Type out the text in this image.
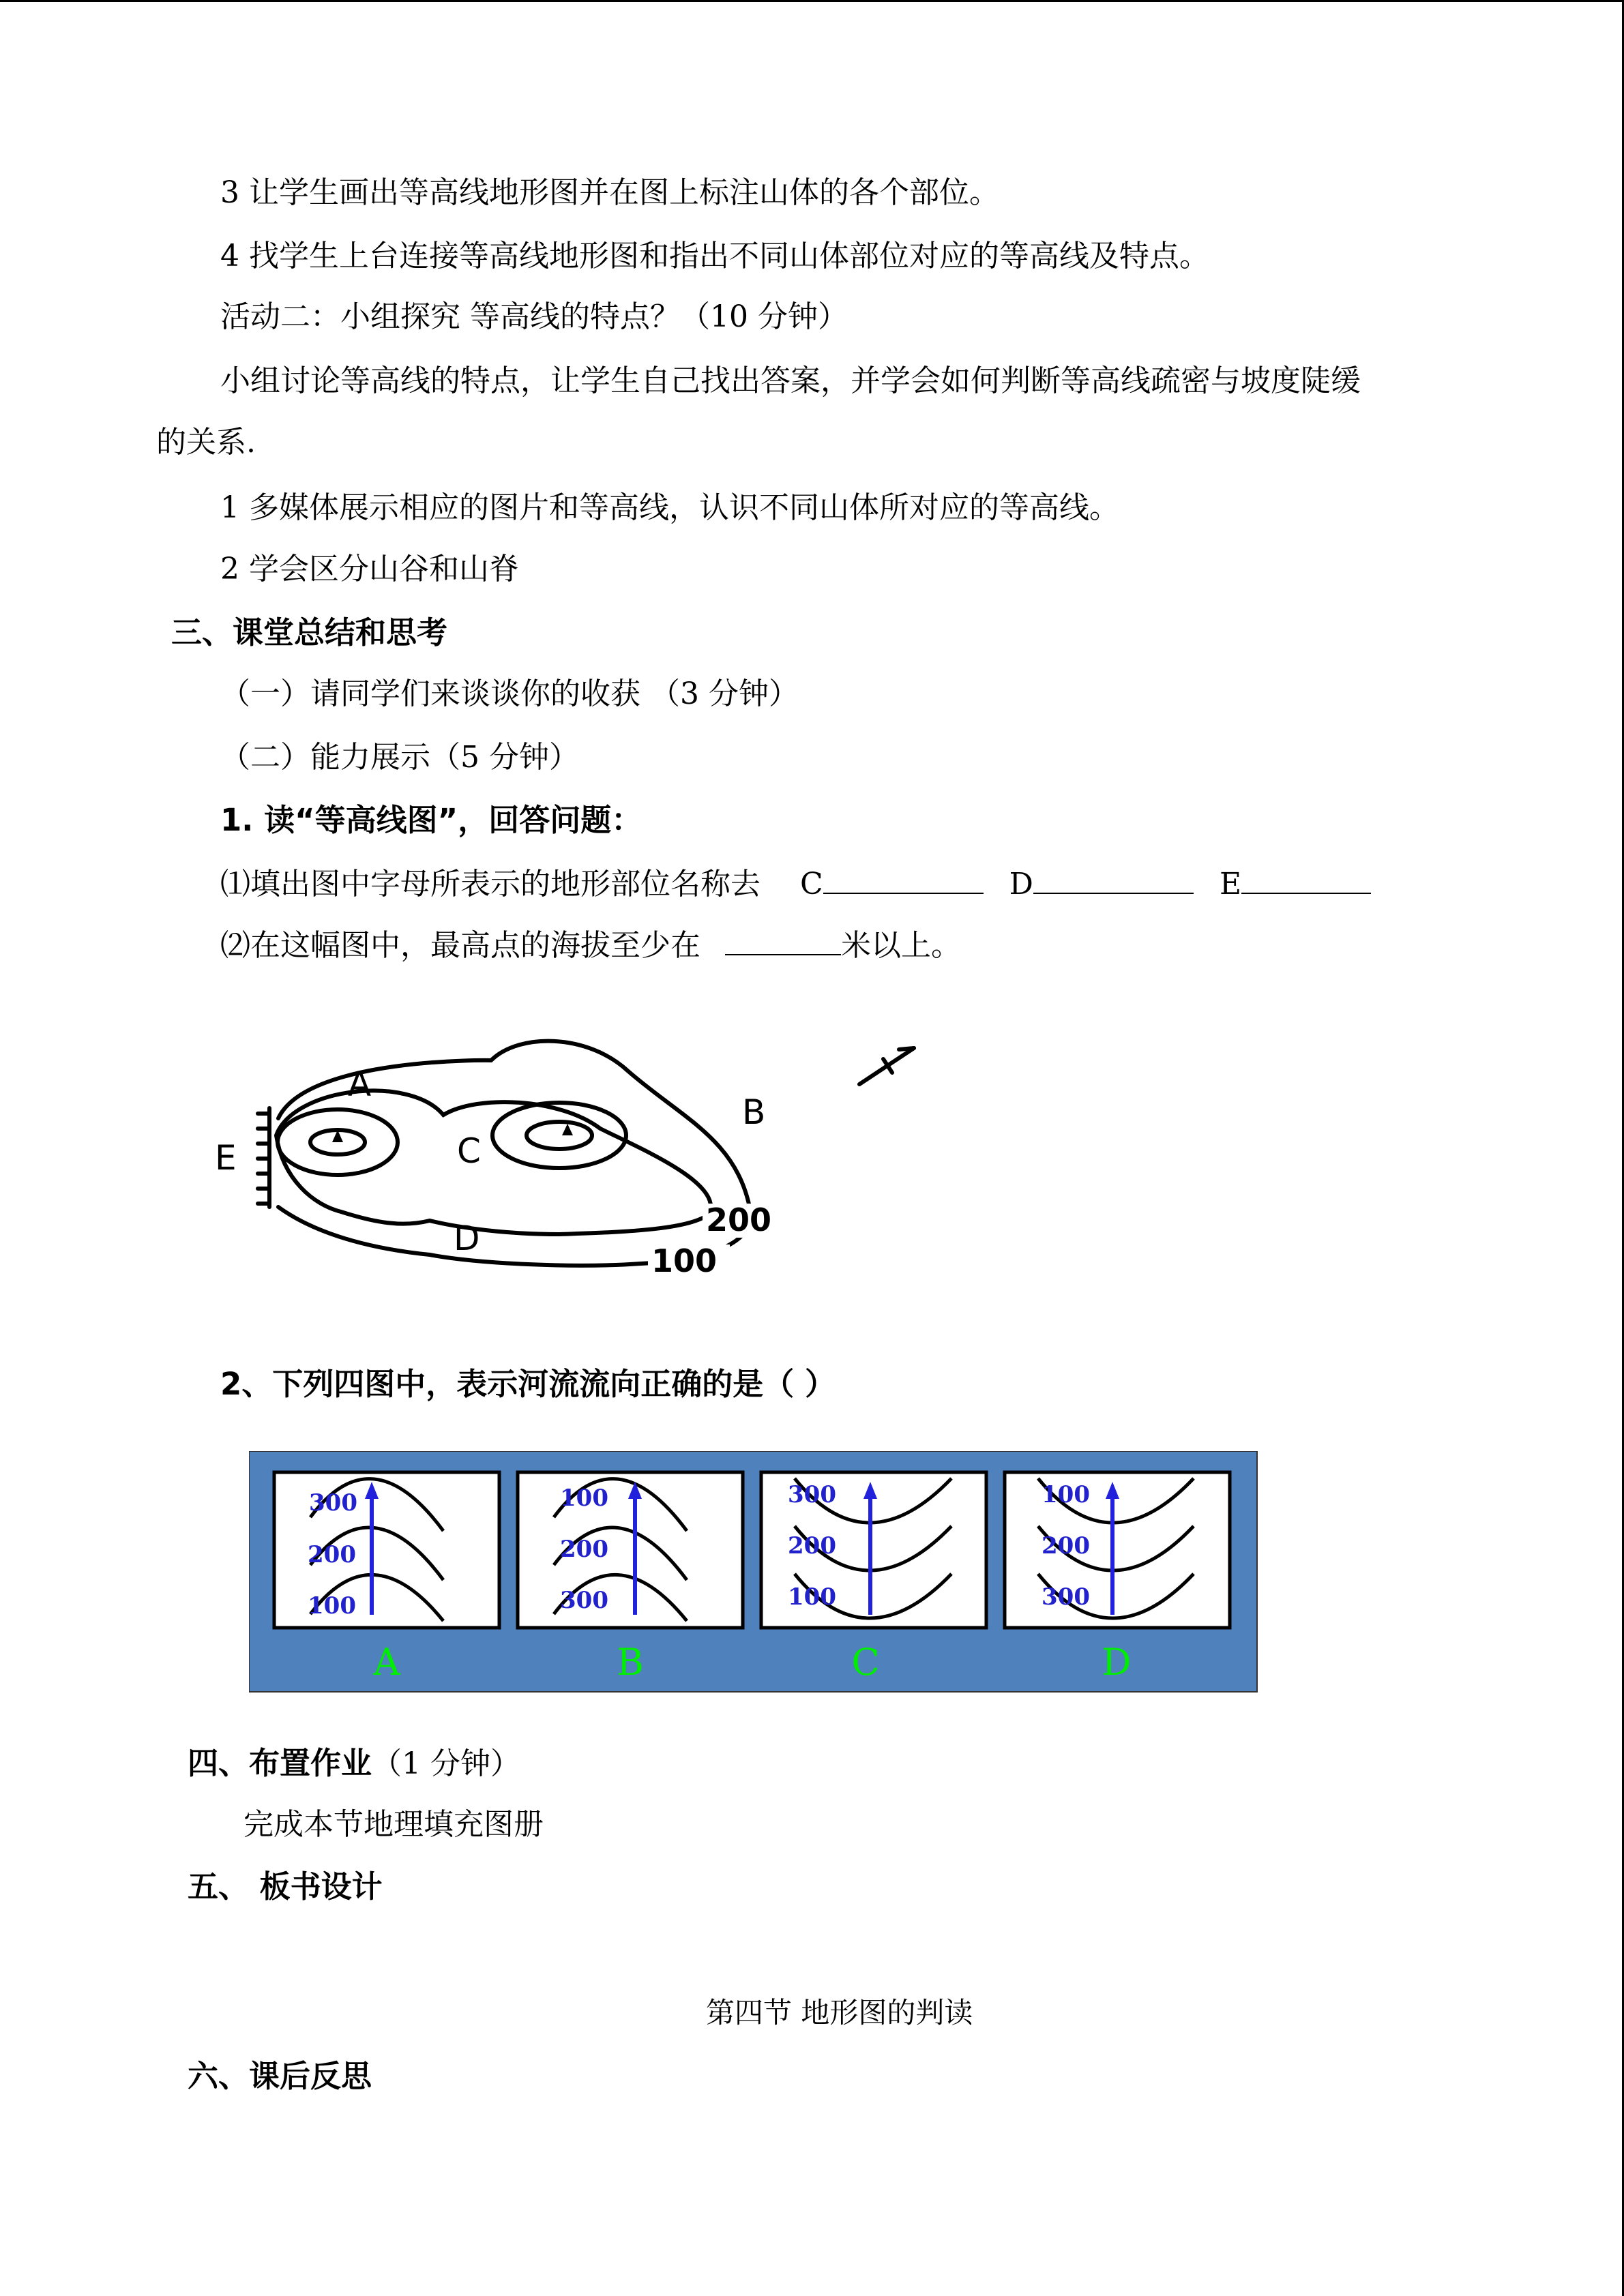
3 让学生画出等高线地形图并在图上标注山体的各个部位。
4 找学生上台连接等高线地形图和指出不同山体部位对应的等高线及特点。
活动二：小组探究 等高线的特点？（10 分钟）
小组讨论等高线的特点，让学生自己找出答案，并学会如何判断等高线疏密与坡度陡缓
的关系.
1 多媒体展示相应的图片和等高线，认识不同山体所对应的等高线。
2 学会区分山谷和山脊
三、课堂总结和思考
（一）请同学们来谈谈你的收获 （3 分钟）
（二）能力展示（5 分钟）
1. 读“等高线图”，回答问题：
⑴填出图中字母所表示的地形部位名称去 C	D	E
⑵在这幅图中，最高点的海拔至少在	米以上。
A
B
C
D
E
200
100
2、下列四图中，表示河流流向正确的是（ ）
300
200
100
A
100
200
300
B
300
200
100
C
100
200
300
D
四、布置作业（1 分钟）
完成本节地理填充图册
五、 板书设计
第四节 地形图的判读
六、课后反思
